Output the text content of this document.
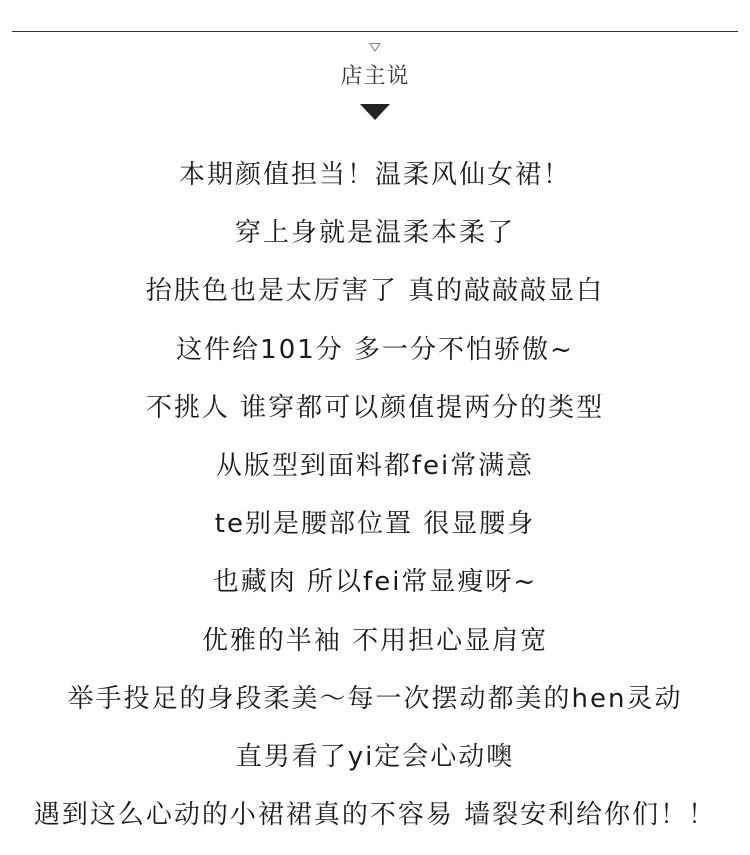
店主说
本期颜值担当！温柔风仙女裙！
穿上身就是温柔本柔了
抬肤色也是太厉害了 真的敲敲敲显白
这件给101分 多一分不怕骄傲~
不挑人 谁穿都可以颜值提两分的类型
从版型到面料都fei常满意
te别是腰部位置 很显腰身
也藏肉 所以fei常显瘦呀~
优雅的半袖 不用担心显肩宽
举手投足的身段柔美～每一次摆动都美的hen灵动
直男看了yi定会心动噢
遇到这么心动的小裙裙真的不容易 墙裂安利给你们！！
